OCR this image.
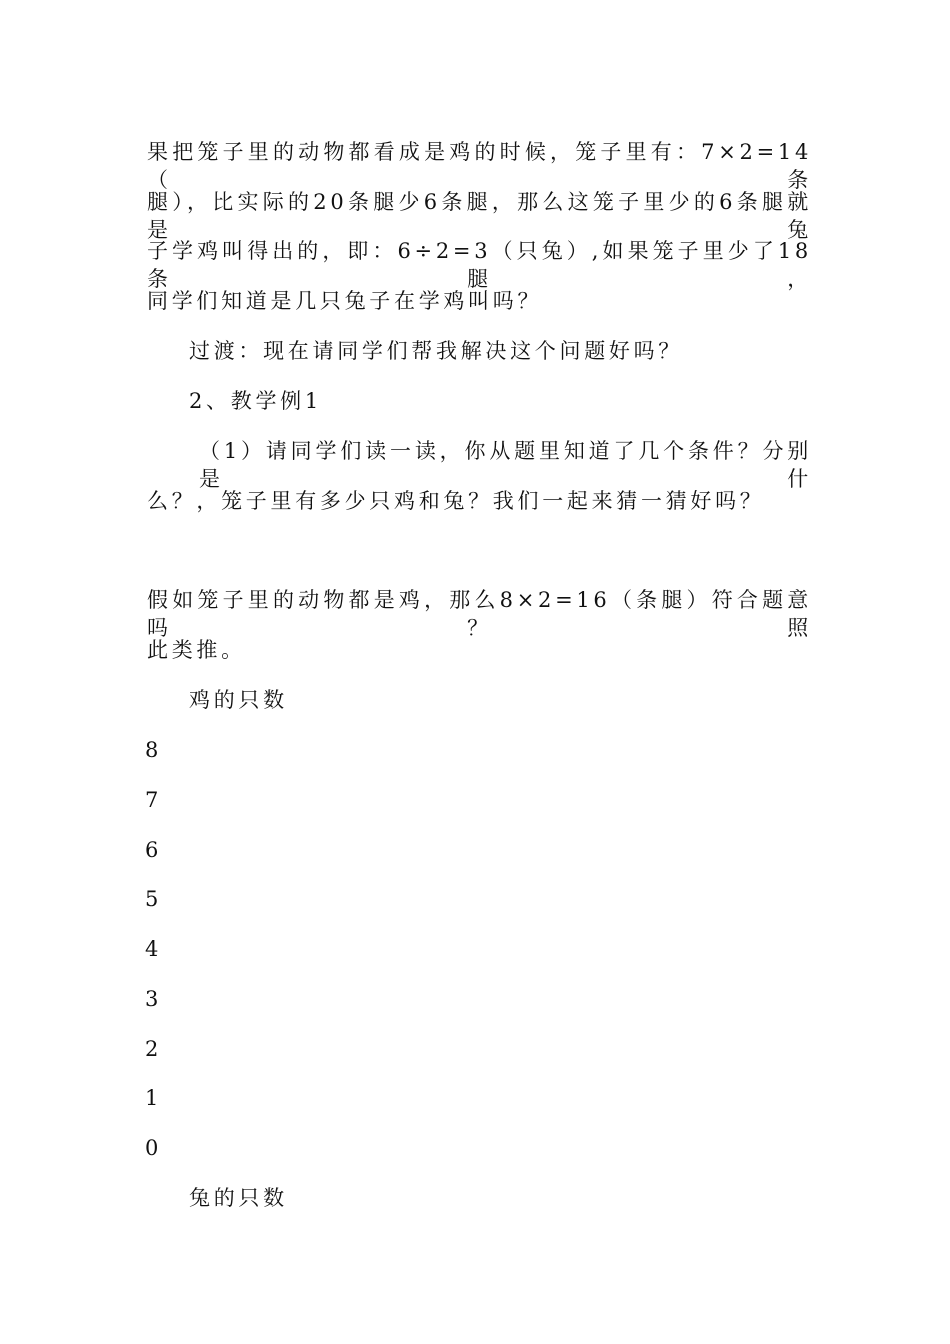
果把笼子里的动物都看成是鸡的时候，笼子里有：7×2=14（条
腿），比实际的20条腿少6条腿，那么这笼子里少的6条腿就是兔
子学鸡叫得出的，即：6÷2=3（只兔）,如果笼子里少了18条腿，
同学们知道是几只兔子在学鸡叫吗？
过渡：现在请同学们帮我解决这个问题好吗？
2、教学例1
（1）请同学们读一读，你从题里知道了几个条件？分别是什
么？，笼子里有多少只鸡和兔？我们一起来猜一猜好吗？
假如笼子里的动物都是鸡，那么8×2=16（条腿）符合题意吗？照
此类推。
鸡的只数
8
7
6
5
4
3
2
1
0
兔的只数
